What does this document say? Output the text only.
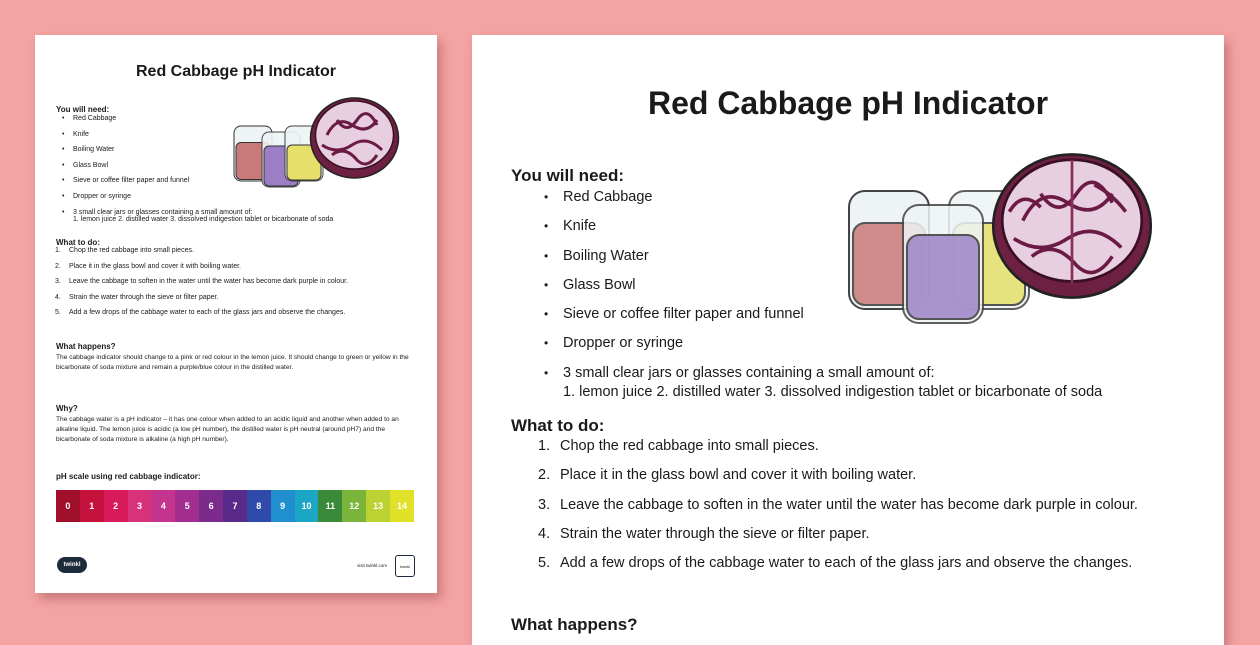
Red Cabbage pH Indicator
You will need:
• Red Cabbage
• Knife
• Boiling Water
• Glass Bowl
• Sieve or coffee filter paper and funnel
• Dropper or syringe
• 3 small clear jars or glasses containing a small amount of:
1. lemon juice 2. distilled water 3. dissolved indigestion tablet or bicarbonate of soda
What to do:
1. Chop the red cabbage into small pieces.
2. Place it in the glass bowl and cover it with boiling water.
3. Leave the cabbage to soften in the water until the water has become dark purple in colour.
4. Strain the water through the sieve or filter paper.
5. Add a few drops of the cabbage water to each of the glass jars and observe the changes.
What happens?
The cabbage indicator should change to a pink or red colour in the lemon juice. It should change to green or yellow in the bicarbonate of soda mixture and remain a purple/blue colour in the distilled water.
Why?
The cabbage water is a pH indicator – it has one colour when added to an acidic liquid and another when added to an alkaline liquid. The lemon juice is acidic (a low pH number), the distilled water is pH neutral (around pH7) and the bicarbonate of soda mixture is alkaline (a high pH number).
pH scale using red cabbage indicator:
0	1	2	3	4	5	6	7	8	9	10	11	12	13	14
twinkl	visit twinkl.com	twinkl
Red Cabbage pH Indicator
You will need:
• Red Cabbage
• Knife
• Boiling Water
• Glass Bowl
• Sieve or coffee filter paper and funnel
• Dropper or syringe
• 3 small clear jars or glasses containing a small amount of:
1. lemon juice 2. distilled water 3. dissolved indigestion tablet or bicarbonate of soda
What to do:
1. Chop the red cabbage into small pieces.
2. Place it in the glass bowl and cover it with boiling water.
3. Leave the cabbage to soften in the water until the water has become dark purple in colour.
4. Strain the water through the sieve or filter paper.
5. Add a few drops of the cabbage water to each of the glass jars and observe the changes.
What happens?
